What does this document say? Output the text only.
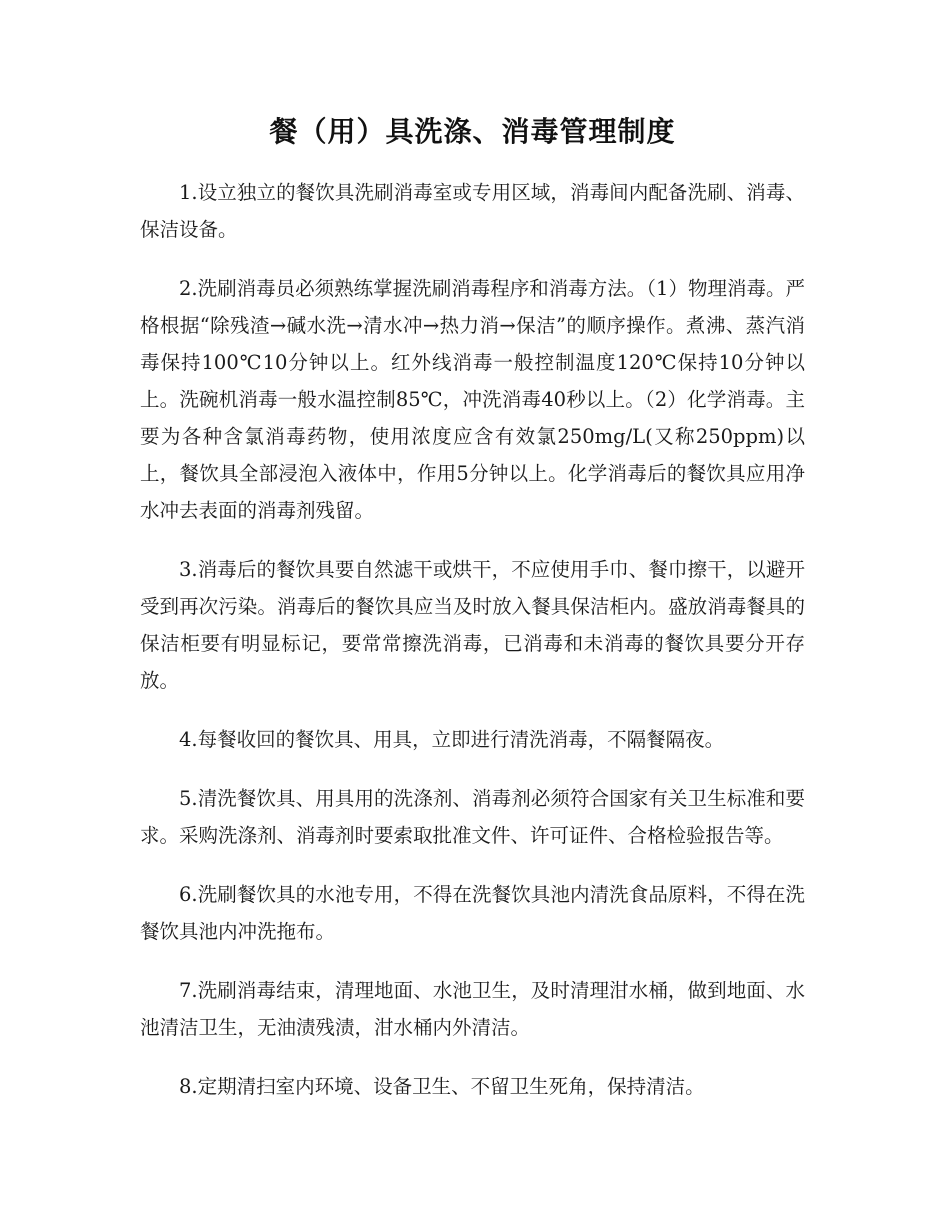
餐（用）具洗涤、消毒管理制度

1.设立独立的餐饮具洗刷消毒室或专用区域，消毒间内配备洗刷、消毒、保洁设备。

2.洗刷消毒员必须熟练掌握洗刷消毒程序和消毒方法。（1）物理消毒。严格根据“除残渣→碱水洗→清水冲→热力消→保洁”的顺序操作。煮沸、蒸汽消毒保持100℃10分钟以上。红外线消毒一般控制温度120℃保持10分钟以上。洗碗机消毒一般水温控制85℃，冲洗消毒40秒以上。（2）化学消毒。主要为各种含氯消毒药物，使用浓度应含有效氯250mg/L(又称250ppm)以上，餐饮具全部浸泡入液体中，作用5分钟以上。化学消毒后的餐饮具应用净水冲去表面的消毒剂残留。

3.消毒后的餐饮具要自然滤干或烘干，不应使用手巾、餐巾擦干，以避开受到再次污染。消毒后的餐饮具应当及时放入餐具保洁柜内。盛放消毒餐具的保洁柜要有明显标记，要常常擦洗消毒，已消毒和未消毒的餐饮具要分开存放。

4.每餐收回的餐饮具、用具，立即进行清洗消毒，不隔餐隔夜。

5.清洗餐饮具、用具用的洗涤剂、消毒剂必须符合国家有关卫生标准和要求。采购洗涤剂、消毒剂时要索取批准文件、许可证件、合格检验报告等。

6.洗刷餐饮具的水池专用，不得在洗餐饮具池内清洗食品原料，不得在洗餐饮具池内冲洗拖布。

7.洗刷消毒结束，清理地面、水池卫生，及时清理泔水桶，做到地面、水池清洁卫生，无油渍残渍，泔水桶内外清洁。

8.定期清扫室内环境、设备卫生、不留卫生死角，保持清洁。
